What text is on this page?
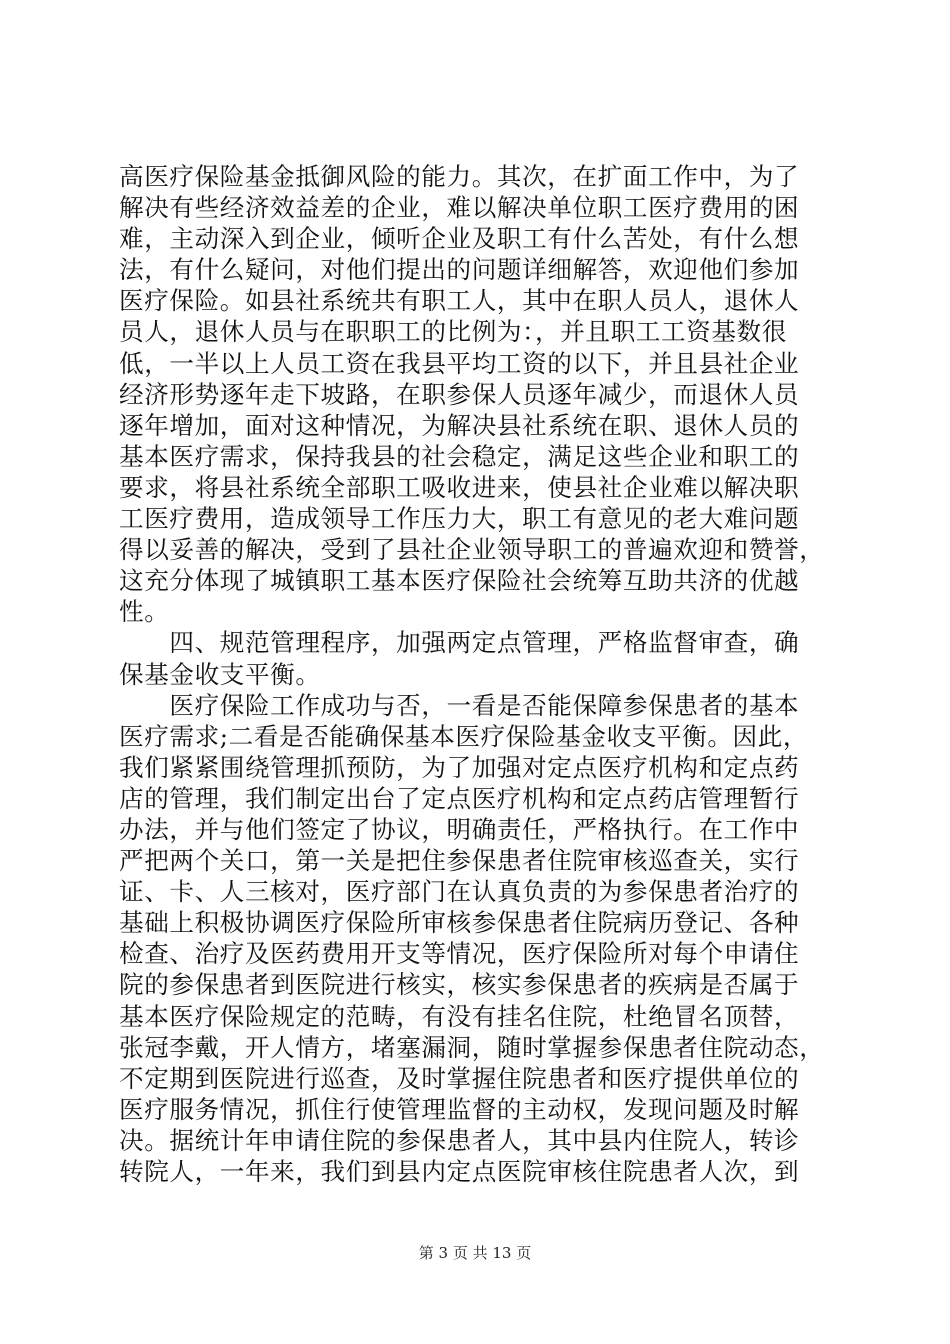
高医疗保险基金抵御风险的能力。其次，在扩面工作中，为了
解决有些经济效益差的企业，难以解决单位职工医疗费用的困
难，主动深入到企业，倾听企业及职工有什么苦处，有什么想
法，有什么疑问，对他们提出的问题详细解答，欢迎他们参加
医疗保险。如县社系统共有职工人，其中在职人员人，退休人
员人，退休人员与在职职工的比例为：，并且职工工资基数很
低，一半以上人员工资在我县平均工资的以下，并且县社企业
经济形势逐年走下坡路，在职参保人员逐年减少，而退休人员
逐年增加，面对这种情况，为解决县社系统在职、退休人员的
基本医疗需求，保持我县的社会稳定，满足这些企业和职工的
要求，将县社系统全部职工吸收进来，使县社企业难以解决职
工医疗费用，造成领导工作压力大，职工有意见的老大难问题
得以妥善的解决，受到了县社企业领导职工的普遍欢迎和赞誉，
这充分体现了城镇职工基本医疗保险社会统筹互助共济的优越
性。
　　四、规范管理程序，加强两定点管理，严格监督审查，确
保基金收支平衡。
　　医疗保险工作成功与否，一看是否能保障参保患者的基本
医疗需求;二看是否能确保基本医疗保险基金收支平衡。因此，
我们紧紧围绕管理抓预防，为了加强对定点医疗机构和定点药
店的管理，我们制定出台了定点医疗机构和定点药店管理暂行
办法，并与他们签定了协议，明确责任，严格执行。在工作中
严把两个关口，第一关是把住参保患者住院审核巡查关，实行
证、卡、人三核对，医疗部门在认真负责的为参保患者治疗的
基础上积极协调医疗保险所审核参保患者住院病历登记、各种
检查、治疗及医药费用开支等情况，医疗保险所对每个申请住
院的参保患者到医院进行核实，核实参保患者的疾病是否属于
基本医疗保险规定的范畴，有没有挂名住院，杜绝冒名顶替，
张冠李戴，开人情方，堵塞漏洞，随时掌握参保患者住院动态，
不定期到医院进行巡查，及时掌握住院患者和医疗提供单位的
医疗服务情况，抓住行使管理监督的主动权，发现问题及时解
决。据统计年申请住院的参保患者人，其中县内住院人，转诊
转院人，一年来，我们到县内定点医院审核住院患者人次，到
第 3 页 共 13 页
